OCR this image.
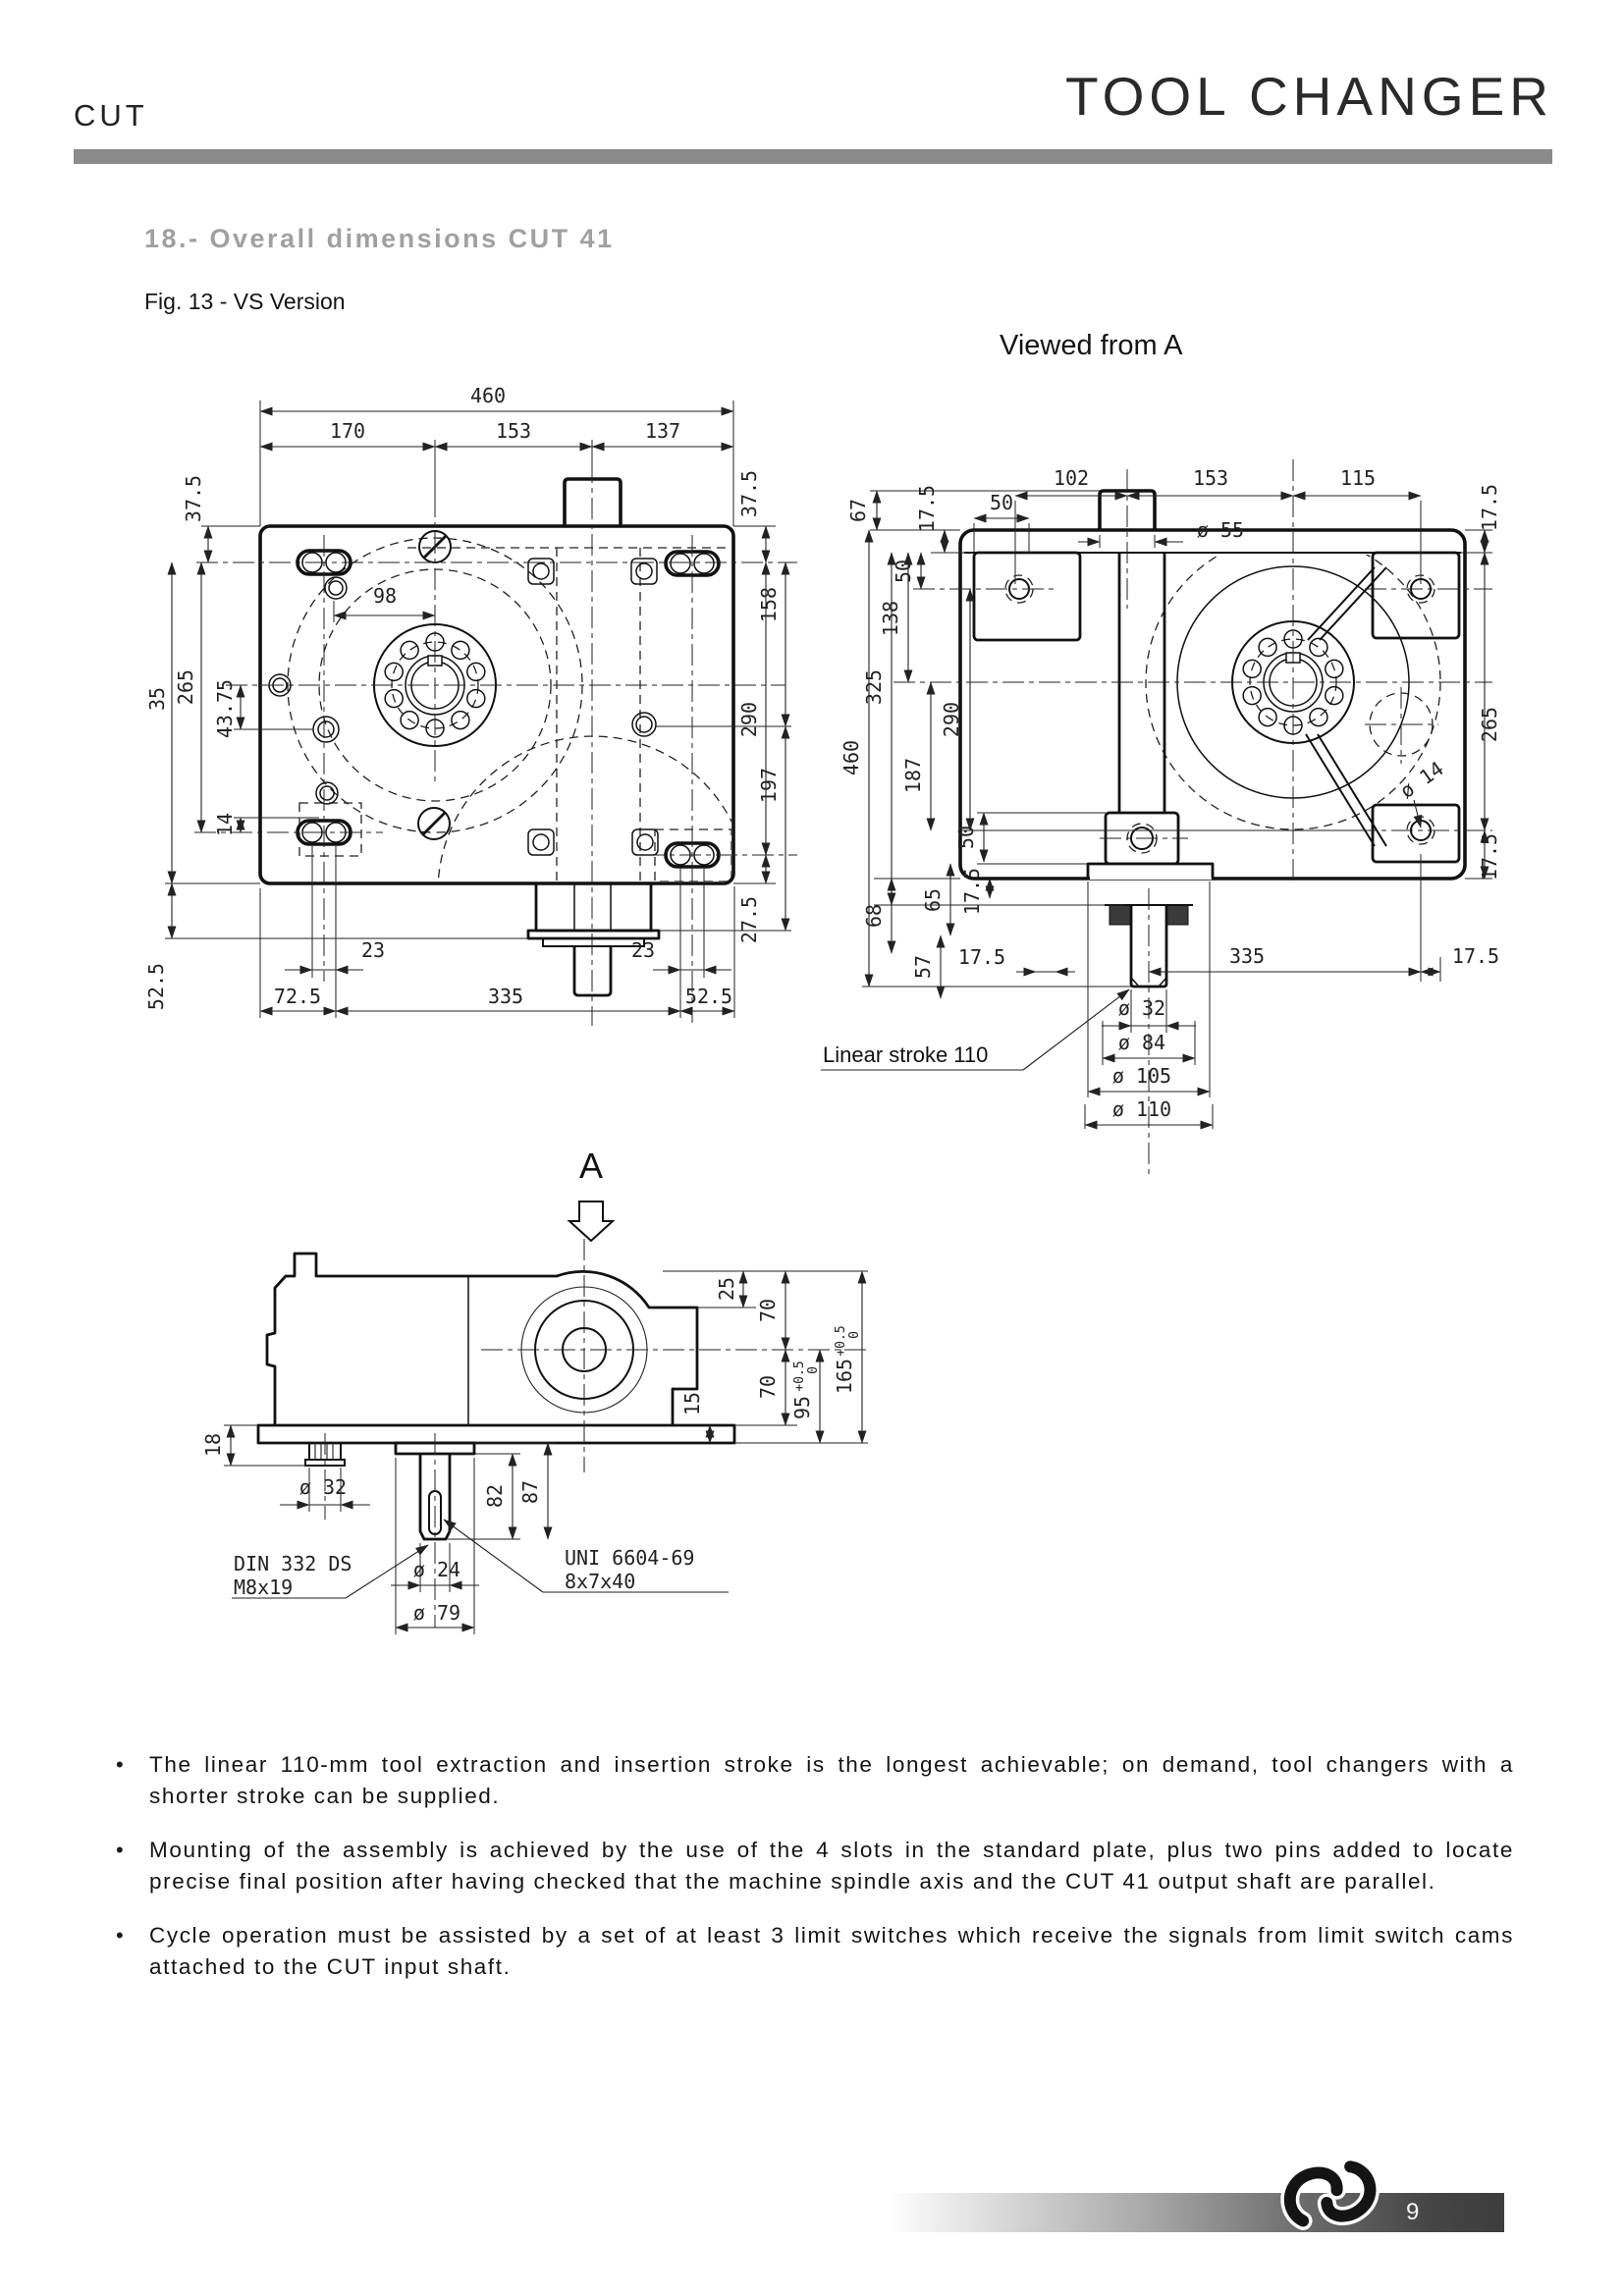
CUT	TOOL CHANGER
18.- Overall dimensions CUT 41
Fig. 13 - VS Version
Viewed from A
460
170	153	137
98
37.5
35 265 43.75
14
52.5
37.5
158
290
197
27.5
23
72.5	335
23
52.5
102	153	115
ø 55
50
67 17.5
50
138
325
460
290
187
50
68
65 17.5
57 17.5
17.5
265
ø 14
17.5
335	17.5
ø 32
ø 84
ø 105
ø 110
Linear stroke 110
A
25
70
70
15	95
+0.5 0 165
+0.5 0
18
ø 32	82 87
ø 24
ø 79
DIN 332 DS
M8x19
UNI 6604-69
8x7x40
• The linear 110-mm tool extraction and insertion stroke is the longest achievable; on demand, tool changers with a shorter stroke can be supplied.
• Mounting of the assembly is achieved by the use of the 4 slots in the standard plate, plus two pins added to locate precise final position after having checked that the machine spindle axis and the CUT 41 output shaft are parallel.
• Cycle operation must be assisted by a set of at least 3 limit switches which receive the signals from limit switch cams attached to the CUT input shaft.
9
